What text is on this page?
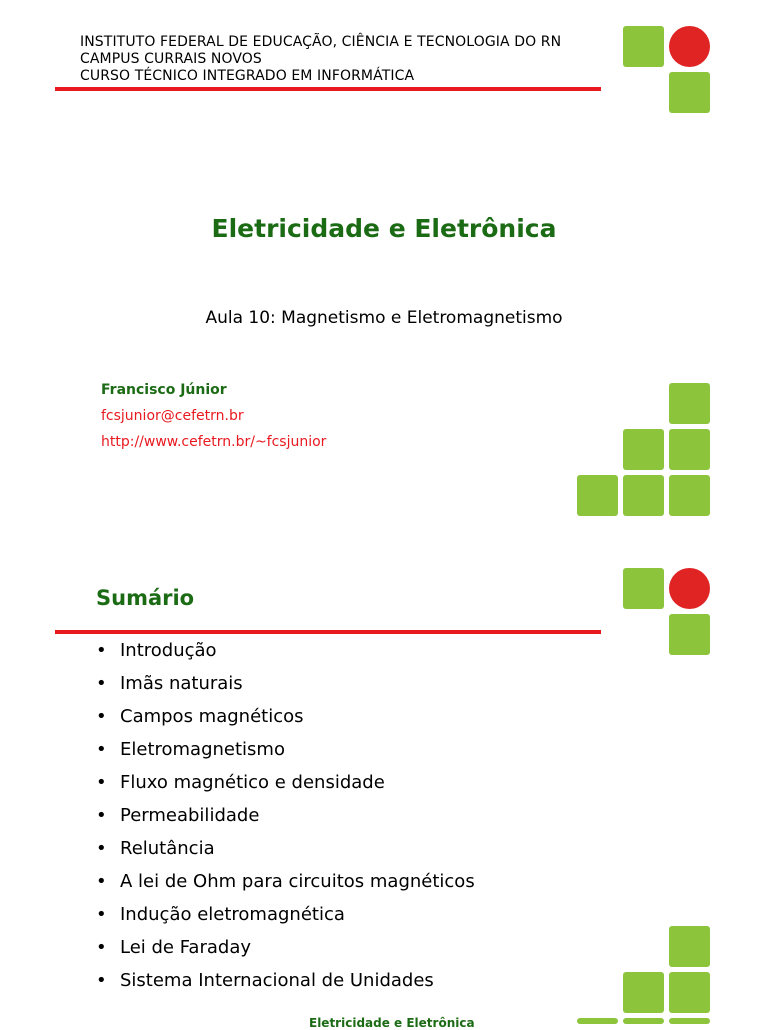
INSTITUTO FEDERAL DE EDUCAÇÃO, CIÊNCIA E TECNOLOGIA DO RN
CAMPUS CURRAIS NOVOS
CURSO TÉCNICO INTEGRADO EM INFORMÁTICA
Eletricidade e Eletrônica
Aula 10: Magnetismo e Eletromagnetismo
Francisco Júnior
fcsjunior@cefetrn.br
http://www.cefetrn.br/~fcsjunior
Sumário
• Introdução
• Imãs naturais
• Campos magnéticos
• Eletromagnetismo
• Fluxo magnético e densidade
• Permeabilidade
• Relutância
• A lei de Ohm para circuitos magnéticos
• Indução eletromagnética
• Lei de Faraday
• Sistema Internacional de Unidades
Eletricidade e Eletrônica
